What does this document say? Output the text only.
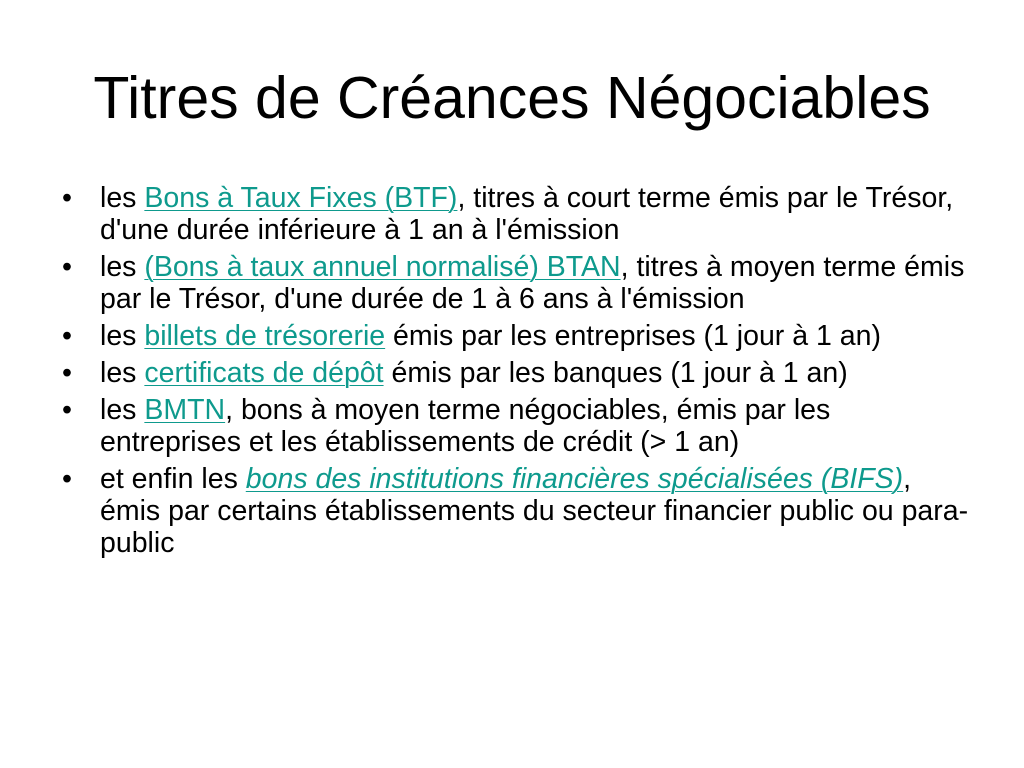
Titres de Créances Négociables
• les Bons à Taux Fixes (BTF), titres à court terme émis par le Trésor, d'une durée inférieure à 1 an à l'émission
• les (Bons à taux annuel normalisé) BTAN, titres à moyen terme émis par le Trésor, d'une durée de 1 à 6 ans à l'émission
• les billets de trésorerie émis par les entreprises (1 jour à 1 an)
• les certificats de dépôt émis par les banques (1 jour à 1 an)
• les BMTN, bons à moyen terme négociables, émis par les entreprises et les établissements de crédit (> 1 an)
• et enfin les bons des institutions financières spécialisées (BIFS), émis par certains établissements du secteur financier public ou para-public
